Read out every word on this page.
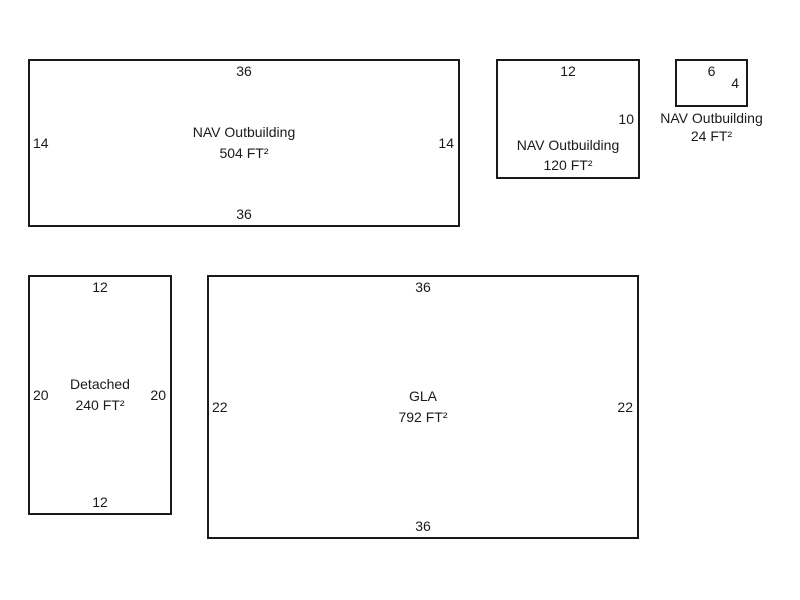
36
36
14	14
NAV Outbuilding
504 FT²
12
10
NAV Outbuilding
120 FT²
6
4
NAV Outbuilding
24 FT²
12
12
20	20
Detached
240 FT²
36
36
22	22
GLA
792 FT²
